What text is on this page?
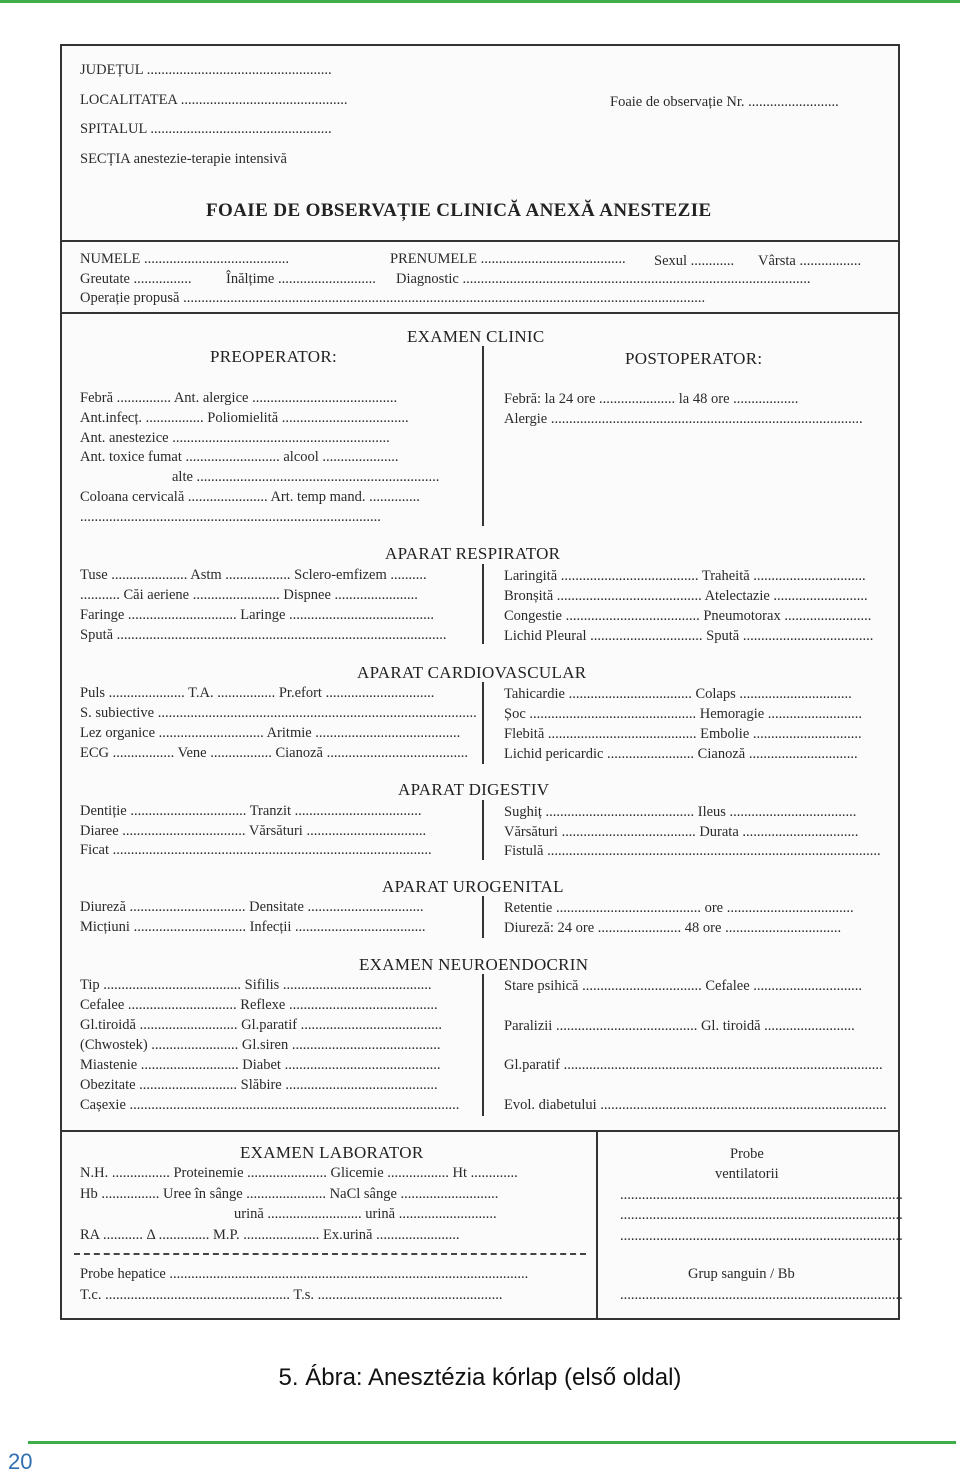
JUDEȚUL ...................................................
LOCALITATEA ..............................................
SPITALUL ..................................................
SECȚIA anestezie-terapie intensivă
Foaie de observație Nr. .........................
FOAIE DE OBSERVAȚIE CLINICĂ ANEXĂ ANESTEZIE
NUMELE ........................................	PRENUMELE ........................................ Sexul ............ Vârsta .................
Greutate ................ Înălțime ........................... Diagnostic ................................................................................................
Operație propusă ................................................................................................................................................
EXAMEN CLINIC
PREOPERATOR:	POSTOPERATOR:
Febră ............... Ant. alergice ........................................
Ant.infecț. ................ Poliomielită ...................................
Ant. anestezice ............................................................
Ant. toxice fumat .......................... alcool .....................
alte ...................................................................
Coloana cervicală ...................... Art. temp mand. ..............
...................................................................................
Febră: la 24 ore ..................... la 48 ore ..................
Alergie ......................................................................................
APARAT RESPIRATOR
Tuse ..................... Astm .................. Sclero-emfizem ..........
........... Căi aeriene ........................ Dispnee .......................
Faringe .............................. Laringe ........................................
Spută ...........................................................................................
Laringită ...................................... Traheită ...............................
Bronșită ........................................ Atelectazie ..........................
Congestie ..................................... Pneumotorax ........................
Lichid Pleural ............................... Spută ....................................
APARAT CARDIOVASCULAR
Puls ..................... T.A. ................ Pr.efort ..............................
S. subiective ........................................................................................
Lez organice ............................. Aritmie ........................................
ECG ................. Vene ................. Cianoză .......................................
Tahicardie .................................. Colaps ...............................
Șoc .............................................. Hemoragie ..........................
Flebită ......................................... Embolie ..............................
Lichid pericardic ........................ Cianoză ..............................
APARAT DIGESTIV
Dentiție ................................ Tranzit ...................................
Diaree .................................. Vărsături .................................
Ficat ........................................................................................
Sughiț ......................................... Ileus ...................................
Vărsături ..................................... Durata ................................
Fistulă ............................................................................................
APARAT UROGENITAL
Diureză ................................ Densitate ................................
Micțiuni ............................... Infecții ....................................
Retentie ........................................ ore ...................................
Diureză: 24 ore ....................... 48 ore ................................
EXAMEN NEUROENDOCRIN
Tip ...................................... Sifilis .........................................
Cefalee .............................. Reflexe .........................................
Gl.tiroidă ........................... Gl.paratif .......................................
(Chwostek) ........................ Gl.siren .........................................
Miastenie ........................... Diabet ...........................................
Obezitate ........................... Slăbire ..........................................
Cașexie ...........................................................................................
Stare psihică ................................. Cefalee ..............................
Paralizii ....................................... Gl. tiroidă .........................
Gl.paratif ........................................................................................
Evol. diabetului ...............................................................................
EXAMEN LABORATOR
N.H. ................ Proteinemie ...................... Glicemie ................. Ht .............
Hb ................ Uree în sânge ...................... NaCl sânge ...........................
urină .......................... urină ...........................
RA ........... Δ .............. M.P. ..................... Ex.urină .......................
Probe hepatice ...................................................................................................
T.c. ................................................... T.s. ...................................................
Probe
ventilatorii
..............................................................................
..............................................................................
..............................................................................
Grup sanguin / Bb
..............................................................................
5. Ábra: Anesztézia kórlap (első oldal)
20
